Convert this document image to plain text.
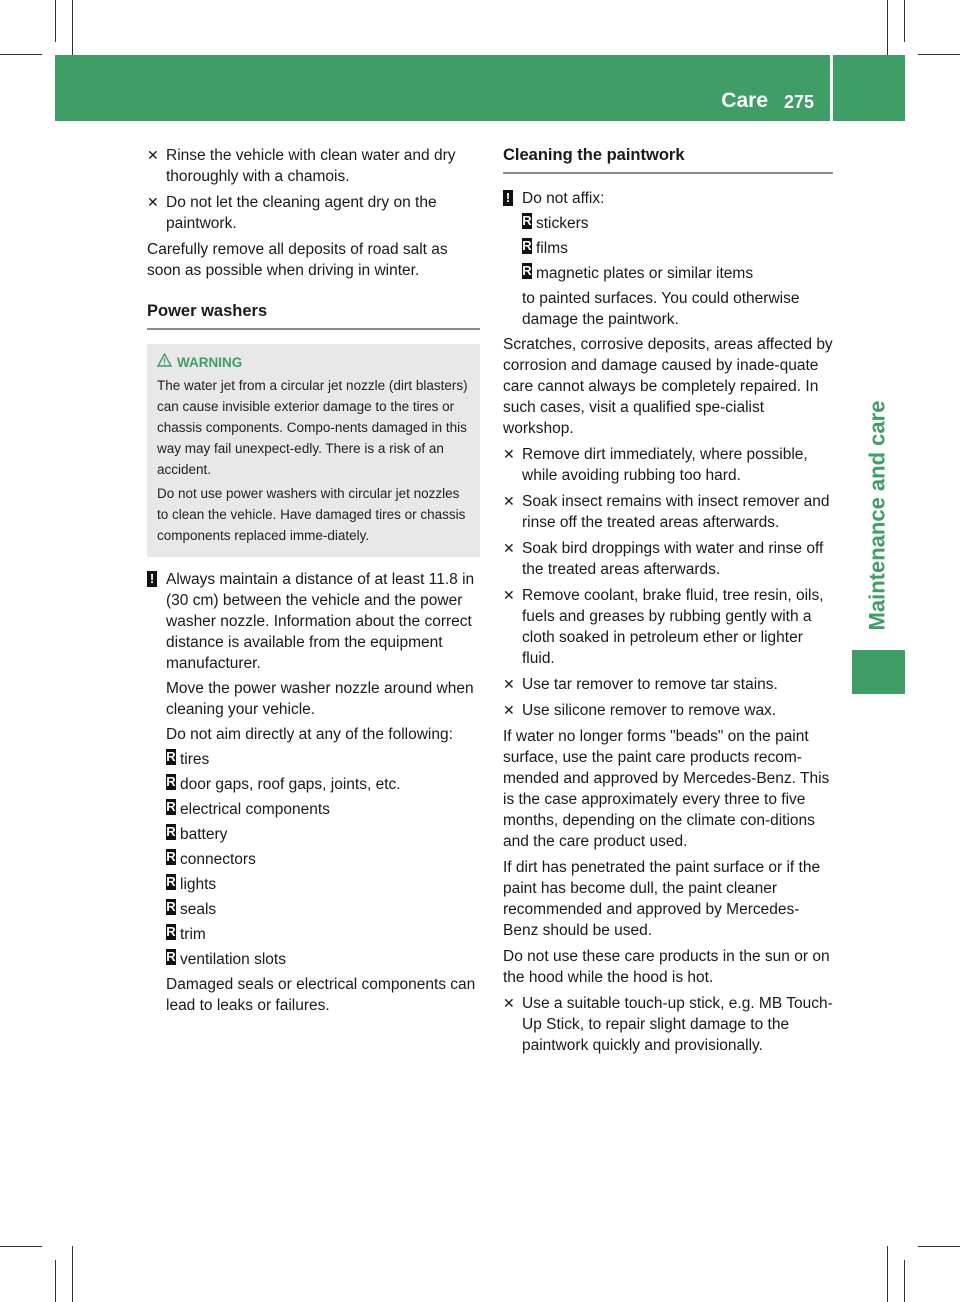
Care 275
Maintenance and care
✕ Rinse the vehicle with clean water and dry thoroughly with a chamois.
✕ Do not let the cleaning agent dry on the paintwork.
Carefully remove all deposits of road salt as soon as possible when driving in winter.
Power washers
WARNING
The water jet from a circular jet nozzle (dirt blasters) can cause invisible exterior damage to the tires or chassis components. Compo-nents damaged in this way may fail unexpect-edly. There is a risk of an accident.
Do not use power washers with circular jet nozzles to clean the vehicle. Have damaged tires or chassis components replaced imme-diately.
! Always maintain a distance of at least 11.8 in (30 cm) between the vehicle and the power washer nozzle. Information about the correct distance is available from the equipment manufacturer.
Move the power washer nozzle around when cleaning your vehicle.
Do not aim directly at any of the following:
R tires
R door gaps, roof gaps, joints, etc.
R electrical components
R battery
R connectors
R lights
R seals
R trim
R ventilation slots
Damaged seals or electrical components can lead to leaks or failures.
Cleaning the paintwork
! Do not affix:
R stickers
R films
R magnetic plates or similar items
to painted surfaces. You could otherwise damage the paintwork.
Scratches, corrosive deposits, areas affected by corrosion and damage caused by inade-quate care cannot always be completely repaired. In such cases, visit a qualified spe-cialist workshop.
✕ Remove dirt immediately, where possible, while avoiding rubbing too hard.
✕ Soak insect remains with insect remover and rinse off the treated areas afterwards.
✕ Soak bird droppings with water and rinse off the treated areas afterwards.
✕ Remove coolant, brake fluid, tree resin, oils, fuels and greases by rubbing gently with a cloth soaked in petroleum ether or lighter fluid.
✕ Use tar remover to remove tar stains.
✕ Use silicone remover to remove wax.
If water no longer forms "beads" on the paint surface, use the paint care products recom-mended and approved by Mercedes-Benz. This is the case approximately every three to five months, depending on the climate con-ditions and the care product used.
If dirt has penetrated the paint surface or if the paint has become dull, the paint cleaner recommended and approved by Mercedes-Benz should be used.
Do not use these care products in the sun or on the hood while the hood is hot.
✕ Use a suitable touch-up stick, e.g. MB Touch-Up Stick, to repair slight damage to the paintwork quickly and provisionally.
